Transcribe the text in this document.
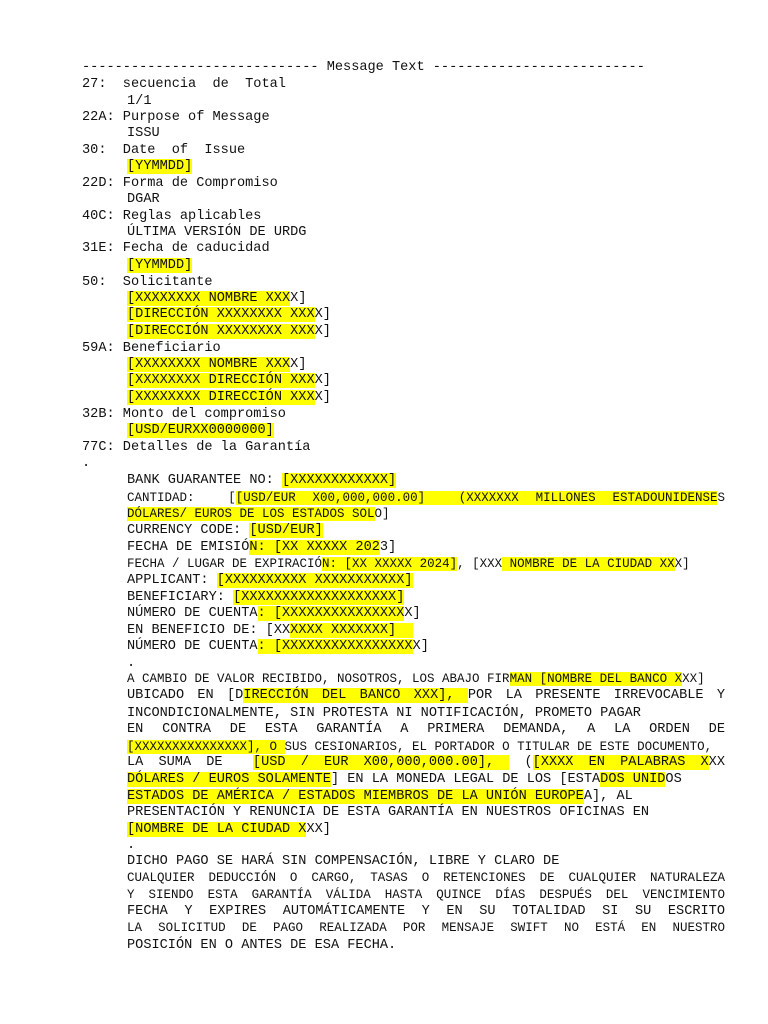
----------------------------- Message Text --------------------------
27:  secuencia  de  Total
1/1
22A: Purpose of Message
ISSU
30:  Date  of  Issue
[YYMMDD]
22D: Forma de Compromiso
DGAR
40C: Reglas aplicables
ÚLTIMA VERSIÓN DE URDG
31E: Fecha de caducidad
[YYMMDD]
50:  Solicitante
[XXXXXXXX NOMBRE XXXX]
[DIRECCIÓN XXXXXXXX XXXX]
[DIRECCIÓN XXXXXXXX XXXX]
59A: Beneficiario
[XXXXXXXX NOMBRE XXXX]
[XXXXXXXX DIRECCIÓN XXXX]
[XXXXXXXX DIRECCIÓN XXXX]
32B: Monto del compromiso
[USD/EURXX0000000]
77C: Detalles de la Garantía
.
BANK GUARANTEE NO: [XXXXXXXXXXXX]
CANTIDAD:  [[USD/EUR X00,000,000.00]  (XXXXXXX MILLONES ESTADOUNIDENSES
DÓLARES/ EUROS DE LOS ESTADOS SOLO]
CURRENCY CODE: [USD/EUR]
FECHA DE EMISIÓN: [XX XXXXX 2023]
FECHA / LUGAR DE EXPIRACIÓN: [XX XXXXX 2024], [XXX NOMBRE DE LA CIUDAD XXX]
APPLICANT: [XXXXXXXXXX XXXXXXXXXXX]
BENEFICIARY: [XXXXXXXXXXXXXXXXXXX]
NÚMERO DE CUENTA: [XXXXXXXXXXXXXXXX]
EN BENEFICIO DE: [XXXXXX XXXXXXX]
NÚMERO DE CUENTA: [XXXXXXXXXXXXXXXXX]
.
A CAMBIO DE VALOR RECIBIDO, NOSOTROS, LOS ABAJO FIRMAN [NOMBRE DEL BANCO XXX]
UBICADO EN [DIRECCIÓN DEL BANCO XXX], POR LA PRESENTE IRREVOCABLE Y
INCONDICIONALMENTE, SIN PROTESTA NI NOTIFICACIÓN, PROMETO PAGAR
EN CONTRA DE ESTA GARANTÍA A PRIMERA DEMANDA, A LA ORDEN DE
[XXXXXXXXXXXXXXX], O SUS CESIONARIOS, EL PORTADOR O TITULAR DE ESTE DOCUMENTO,
LA SUMA DE  [USD / EUR X00,000,000.00],  ([XXXX EN PALABRAS XXX
DÓLARES / EUROS SOLAMENTE] EN LA MONEDA LEGAL DE LOS [ESTADOS UNIDOS
ESTADOS DE AMÉRICA / ESTADOS MIEMBROS DE LA UNIÓN EUROPEA], AL
PRESENTACIÓN Y RENUNCIA DE ESTA GARANTÍA EN NUESTROS OFICINAS EN
[NOMBRE DE LA CIUDAD XXX]
.
DICHO PAGO SE HARÁ SIN COMPENSACIÓN, LIBRE Y CLARO DE
CUALQUIER DEDUCCIÓN O CARGO, TASAS O RETENCIONES DE CUALQUIER NATURALEZA
Y SIENDO ESTA GARANTÍA VÁLIDA HASTA QUINCE DÍAS DESPUÉS DEL VENCIMIENTO
FECHA Y EXPIRES AUTOMÁTICAMENTE Y EN SU TOTALIDAD SI SU ESCRITO
LA SOLICITUD DE PAGO REALIZADA POR MENSAJE SWIFT NO ESTÁ EN NUESTRO
POSICIÓN EN O ANTES DE ESA FECHA.
